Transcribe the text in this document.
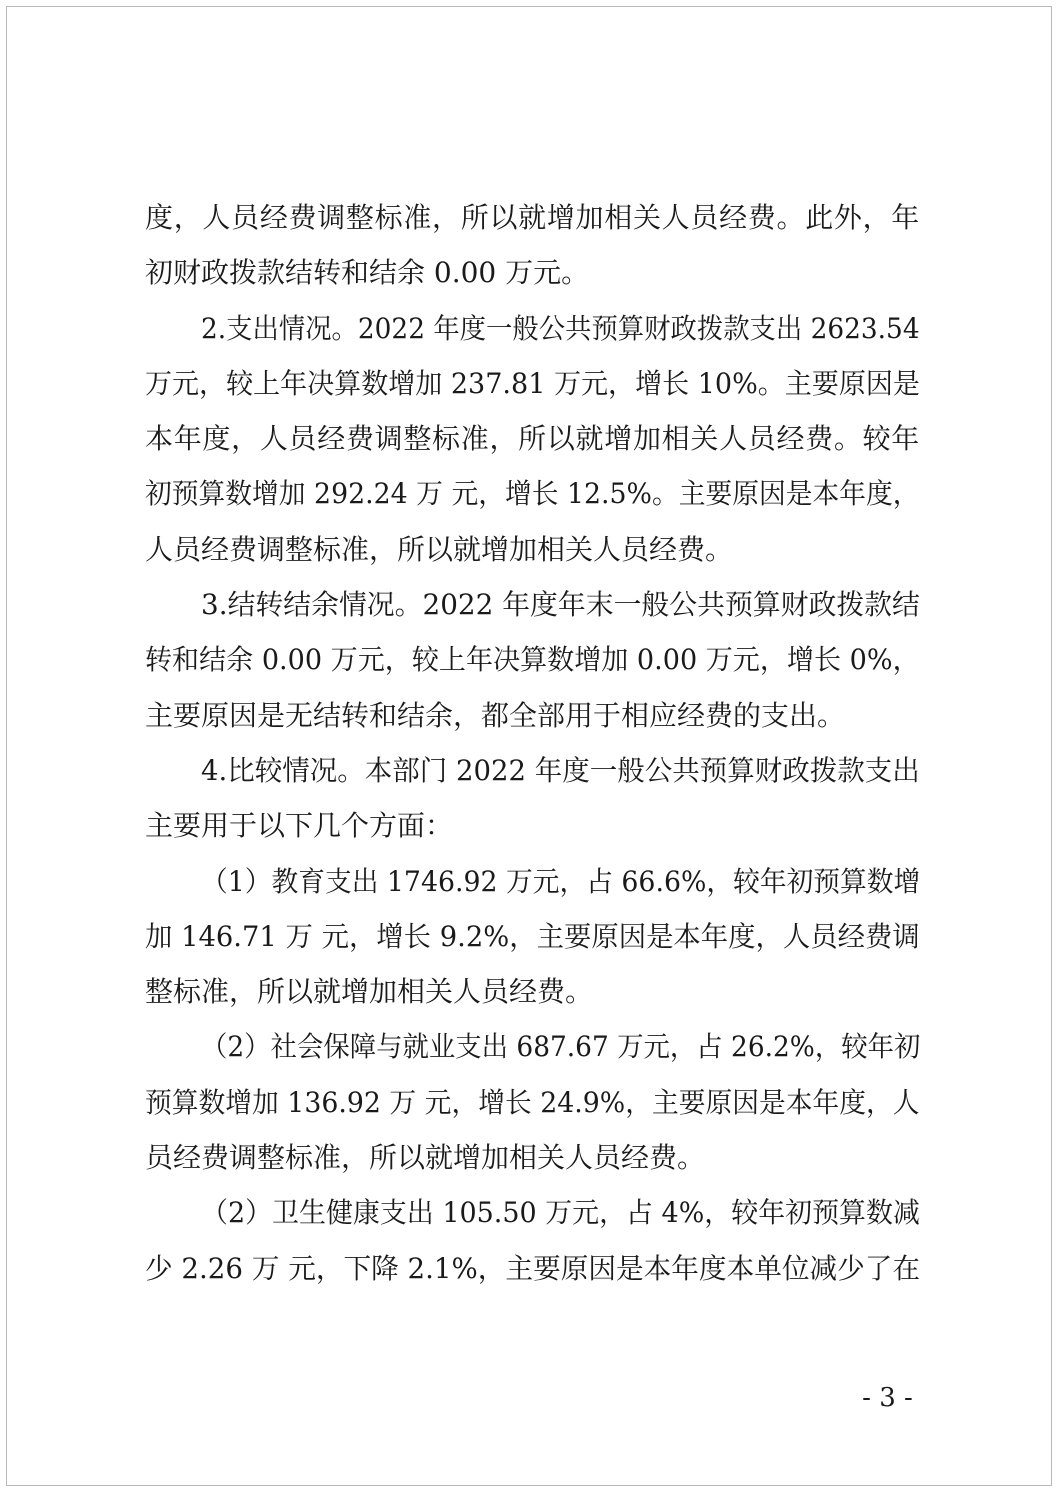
度，人员经费调整标准，所以就增加相关人员经费。此外，年
初财政拨款结转和结余 0.00 万元。
2.支出情况。2022 年度一般公共预算财政拨款支出 2623.54
万元，较上年决算数增加 237.81 万元，增长 10%。主要原因是
本年度，人员经费调整标准，所以就增加相关人员经费。较年
初预算数增加 292.24 万 元，增长 12.5%。主要原因是本年度，
人员经费调整标准，所以就增加相关人员经费。
3.结转结余情况。2022 年度年末一般公共预算财政拨款结
转和结余 0.00 万元，较上年决算数增加 0.00 万元，增长 0%，
主要原因是无结转和结余，都全部用于相应经费的支出。
4.比较情况。本部门 2022 年度一般公共预算财政拨款支出
主要用于以下几个方面：
（1）教育支出 1746.92 万元，占 66.6%，较年初预算数增
加 146.71 万 元，增长 9.2%，主要原因是本年度，人员经费调
整标准，所以就增加相关人员经费。
（2）社会保障与就业支出 687.67 万元，占 26.2%，较年初
预算数增加 136.92 万 元，增长 24.9%，主要原因是本年度，人
员经费调整标准，所以就增加相关人员经费。
（2）卫生健康支出 105.50 万元，占 4%，较年初预算数减
少 2.26 万 元，下降 2.1%，主要原因是本年度本单位减少了在
- 3 -
